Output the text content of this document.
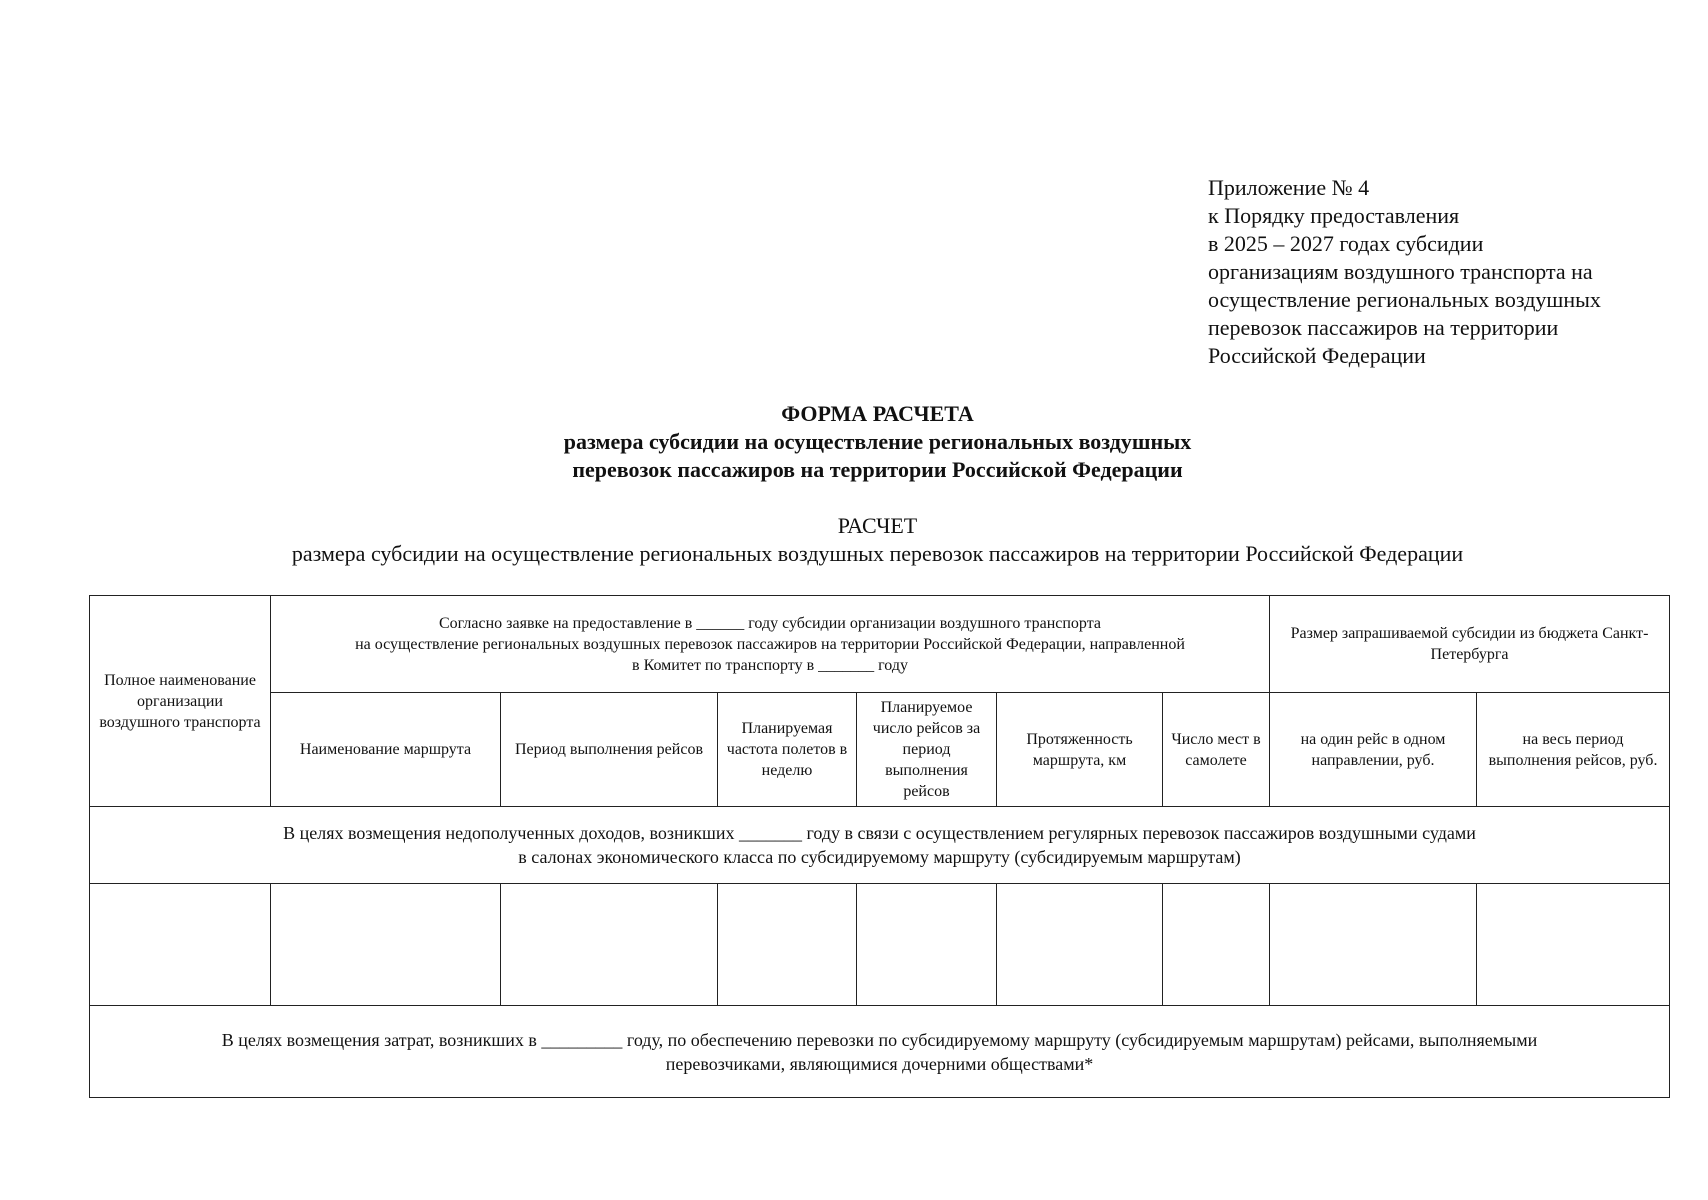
Приложение № 4
к Порядку предоставления
в 2025 – 2027 годах субсидии
организациям воздушного транспорта на
осуществление региональных воздушных
перевозок пассажиров на территории
Российской Федерации
ФОРМА РАСЧЕТА
размера субсидии на осуществление региональных воздушных
перевозок пассажиров на территории Российской Федерации
РАСЧЕТ
размера субсидии на осуществление региональных воздушных перевозок пассажиров на территории Российской Федерации
Полное наименование организации воздушного транспорта	Согласно заявке на предоставление в ______ году субсидии организации воздушного транспорта
на осуществление региональных воздушных перевозок пассажиров на территории Российской Федерации, направленной
в Комитет по транспорту в _______ году						Размер запрашиваемой субсидии из бюджета Санкт-Петербурга	
	Наименование маршрута	Период выполнения рейсов	Планируемая частота полетов в неделю	Планируемое число рейсов за период выполнения рейсов	Протяженность маршрута, км	Число мест в самолете	на один рейс в одном направлении, руб.	на весь период выполнения рейсов, руб.

В целях возмещения недополученных доходов, возникших _______ году в связи с осуществлением регулярных перевозок пассажиров воздушными судами
в салонах экономического класса по субсидируемому маршруту (субсидируемым маршрутам)								

В целях возмещения затрат, возникших в _________ году, по обеспечению перевозки по субсидируемому маршруту (субсидируемым маршрутам) рейсами, выполняемыми
перевозчиками, являющимися дочерними обществами*								
